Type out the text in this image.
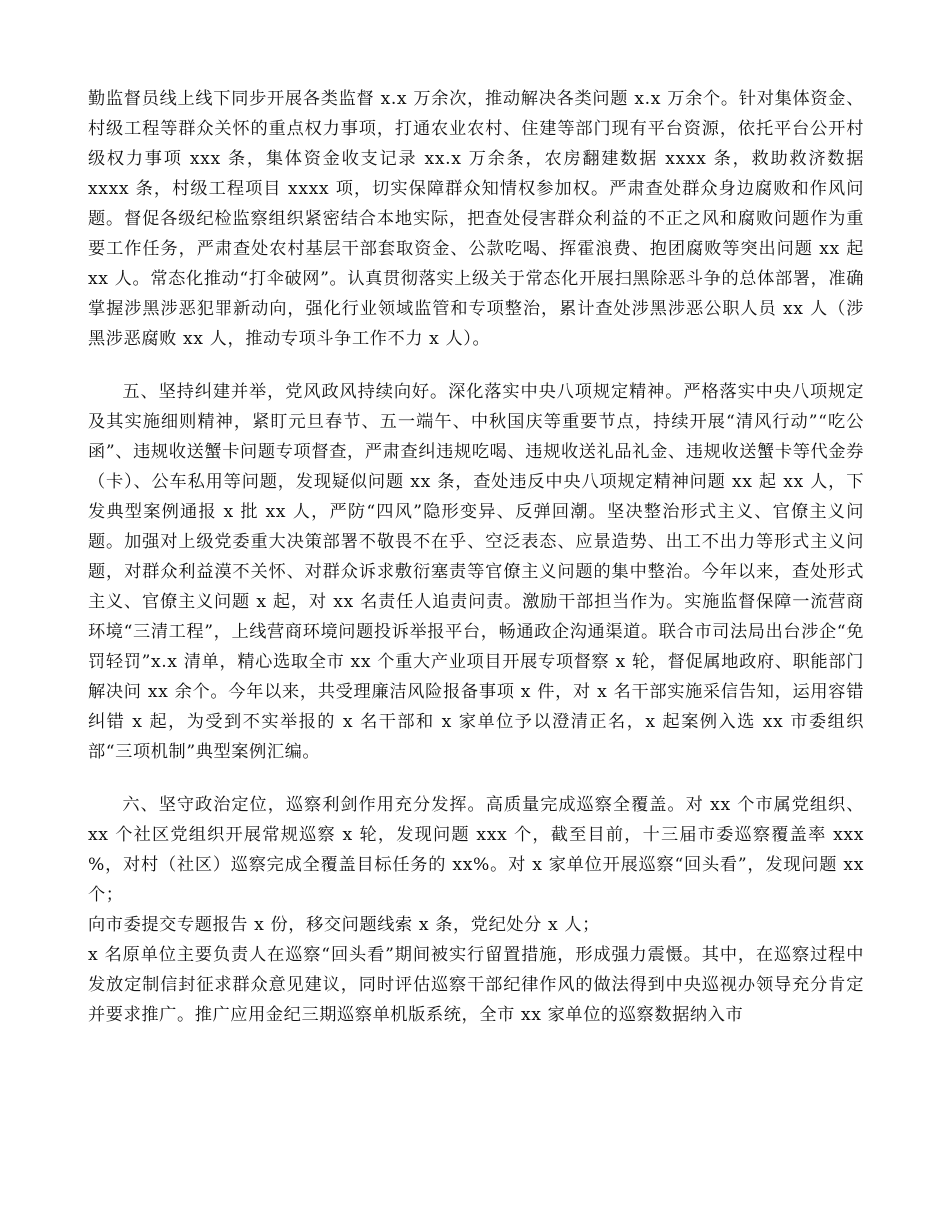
勤监督员线上线下同步开展各类监督 x.x 万余次，推动解决各类问题 x.x 万余个。针对集体资金、村级工程等群众关怀的重点权力事项，打通农业农村、住建等部门现有平台资源，依托平台公开村级权力事项 xxx 条，集体资金收支记录 xx.x 万余条，农房翻建数据 xxxx 条，救助救济数据 xxxx 条，村级工程项目 xxxx 项，切实保障群众知情权参加权。严肃查处群众身边腐败和作风问题。督促各级纪检监察组织紧密结合本地实际，把查处侵害群众利益的不正之风和腐败问题作为重要工作任务，严肃查处农村基层干部套取资金、公款吃喝、挥霍浪费、抱团腐败等突出问题 xx 起 xx 人。常态化推动“打伞破网”。认真贯彻落实上级关于常态化开展扫黑除恶斗争的总体部署，准确掌握涉黑涉恶犯罪新动向，强化行业领域监管和专项整治，累计查处涉黑涉恶公职人员 xx 人（涉黑涉恶腐败 xx 人，推动专项斗争工作不力 x 人）。

五、坚持纠建并举，党风政风持续向好。深化落实中央八项规定精神。严格落实中央八项规定及其实施细则精神，紧盯元旦春节、五一端午、中秋国庆等重要节点，持续开展“清风行动”“吃公函”、违规收送蟹卡问题专项督查，严肃查纠违规吃喝、违规收送礼品礼金、违规收送蟹卡等代金券（卡）、公车私用等问题，发现疑似问题 xx 条，查处违反中央八项规定精神问题 xx 起 xx 人，下发典型案例通报 x 批 xx 人，严防“四风”隐形变异、反弹回潮。坚决整治形式主义、官僚主义问题。加强对上级党委重大决策部署不敬畏不在乎、空泛表态、应景造势、出工不出力等形式主义问题，对群众利益漠不关怀、对群众诉求敷衍塞责等官僚主义问题的集中整治。今年以来，查处形式主义、官僚主义问题 x 起，对 xx 名责任人追责问责。激励干部担当作为。实施监督保障一流营商环境“三清工程”，上线营商环境问题投诉举报平台，畅通政企沟通渠道。联合市司法局出台涉企“免罚轻罚”x.x 清单，精心选取全市 xx 个重大产业项目开展专项督察 x 轮，督促属地政府、职能部门解决问 xx 余个。今年以来，共受理廉洁风险报备事项 x 件，对 x 名干部实施采信告知，运用容错纠错 x 起，为受到不实举报的 x 名干部和 x 家单位予以澄清正名，x 起案例入选 xx 市委组织部“三项机制”典型案例汇编。

六、坚守政治定位，巡察利剑作用充分发挥。高质量完成巡察全覆盖。对 xx 个市属党组织、xx 个社区党组织开展常规巡察 x 轮，发现问题 xxx 个，截至目前，十三届市委巡察覆盖率 xxx %，对村（社区）巡察完成全覆盖目标任务的 xx%。对 x 家单位开展巡察“回头看”，发现问题 xx 个；

向市委提交专题报告 x 份，移交问题线索 x 条，党纪处分 x 人；

x 名原单位主要负责人在巡察“回头看”期间被实行留置措施，形成强力震慑。其中，在巡察过程中发放定制信封征求群众意见建议，同时评估巡察干部纪律作风的做法得到中央巡视办领导充分肯定并要求推广。推广应用金纪三期巡察单机版系统，全市 xx 家单位的巡察数据纳入市
